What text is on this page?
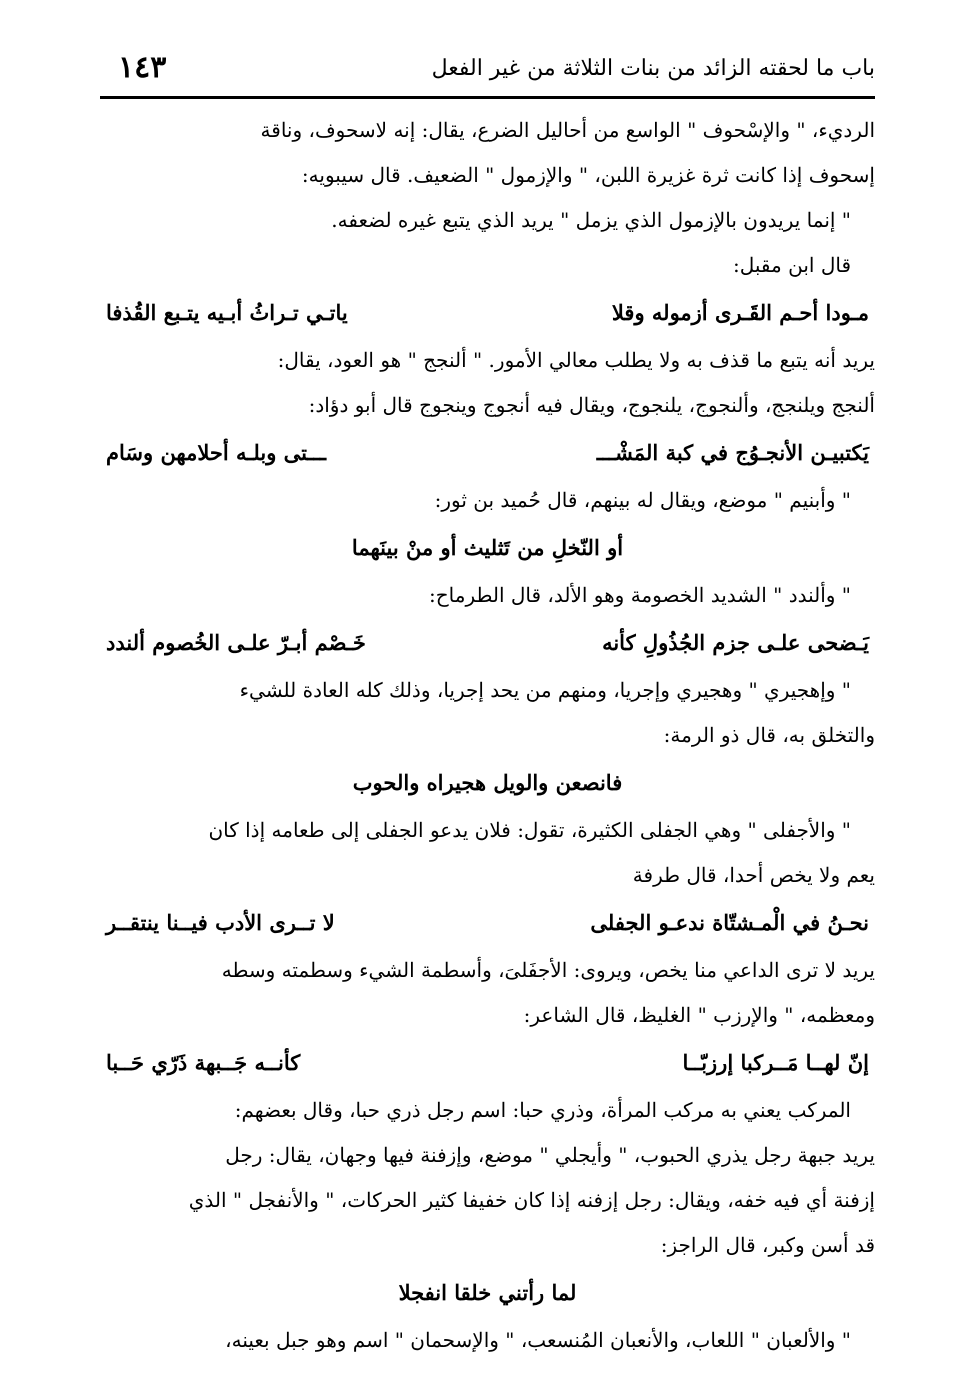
باب ما لحقته الزائد من بنات الثلاثة من غير الفعل
١٤٣

الرديء، " والإسْحوف " الواسع من أحاليل الضرع، يقال: إنه لاسحوف، وناقة

إسحوف إذا كانت ثرة غزيرة اللبن، " والإزمول " الضعيف. قال سيبويه:

" إنما يريدون بالإزمول الذي يزمل " يريد الذي يتبع غيره لضعفه.

قال ابن مقبل:

مـودا أحـم القَـرى أزموله وقلا
ياتـي تـراثُ أبـيه يتـبع القُذفا

يريد أنه يتبع ما قذف به ولا يطلب معالي الأمور. " ألنجج " هو العود، يقال:

ألنجج ويلنجج، وألنجوج، يلنجوج، ويقال فيه أنجوج وينجوج قال أبو دؤاد:

يَكتبيـن الأنجـوُج في كبة المَشْـــ
ـــتى وبلـه أحلامهن وسَام

" وأبنيم " موضع، ويقال له بينهم، قال حُميد بن ثور:

أو النّخلِ من تَثليث أو منْ بينَهما

" وألندد " الشديد الخصومة وهو الألد، قال الطرماح:

يَـضحى علـى جزم الجُذُولِ كأنه
خَـصْم أبـرّ علـى الخُصوم ألندد

" وإهجيري " وهجيري وإجريا، ومنهم من يحد إجريا، وذلك كله العادة للشيء

والتخلق به، قال ذو الرمة:

فانصعن والويل هجيراه والحوب

" والأجفلى " وهي الجفلى الكثيرة، تقول: فلان يدعو الجفلى إلى طعامه إذا كان

يعم ولا يخص أحدا، قال طرفة

نحـنُ في الْمـشتّاة ندعـو الجفلى
لا تــرى الأدب فيــنا ينتقــر

يريد لا ترى الداعي منا يخص، ويروى: الأجفَلىَ، وأسطمة الشيء وسطمته وسطه

ومعظمه، " والإرزب " الغليظ، قال الشاعر:

إنّ لهــا مَــركبا إرزبّــا
كأنــه جَــبهة ذَرّي حَــبا

المركب يعني به مركب المرأة، وذري حبا: اسم رجل ذري حبا، وقال بعضهم:

يريد جبهة رجل يذري الحبوب، " وأيجلي " موضع، وإزفنة فيها وجهان، يقال: رجل

إزفنة أي فيه خفه، ويقال: رجل إزفنه إذا كان خفيفا كثير الحركات، " والأنفجل " الذي

قد أسن وكبر، قال الراجز:

لما رأتني خلقا انفجلا

" والألعبان " اللعاب، والأنعبان المُنسعب، " والإسحمان " اسم وهو جبل بعينه،
